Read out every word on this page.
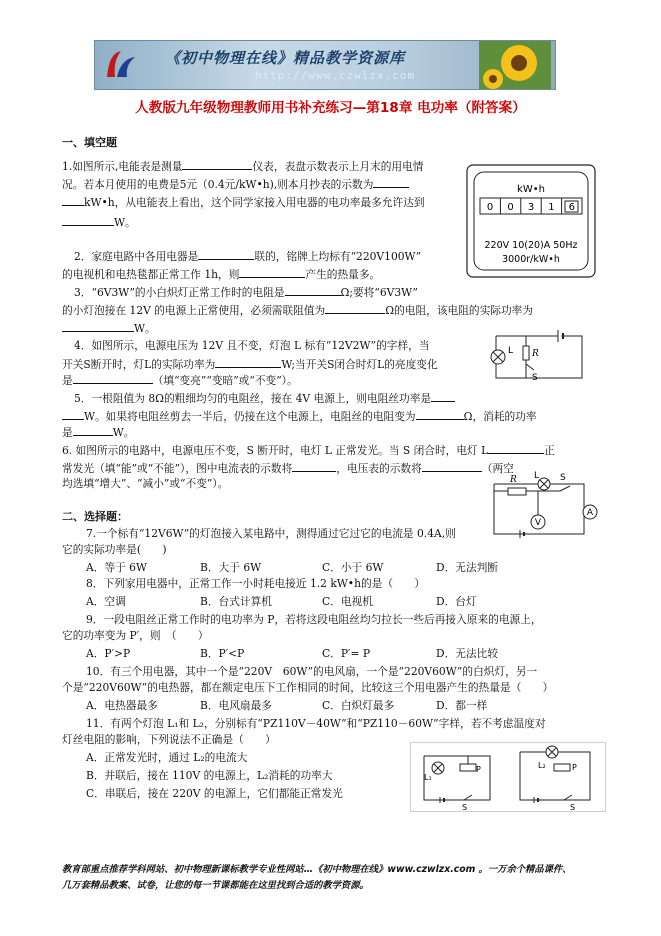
《初中物理在线》精品教学资源库
http://www.czwlzx.com
人教版九年级物理教师用书补充练习—第18章 电功率（附答案）
一、填空题
1.如图所示,电能表是测量	仪表，表盘示数表示上月末的用电情
况。若本月使用的电费是5元（0.4元/kW•h),则本月抄表的示数为
kW•h，从电能表上看出，这个同学家接入用电器的电功率最多允许达到
W。
kW•h
0 0 3 1 6
220V 10(20)A 50Hz
3000r/kW•h
2．家庭电路中各用电器是	联的，铭牌上均标有“220V100W”
的电视机和电热毯都正常工作 1h，则	产生的热量多。
3．“6V3W”的小白炽灯正常工作时的电阻是	Ω;要将“6V3W”
的小灯泡接在 12V 的电源上正常使用，必须需联阻值为	Ω的电阻，该电阻的实际功率为
W。
4．如图所示，电源电压为 12V 且不变，灯泡 L 标有“12V2W”的字样，当
开关S断开时，灯L的实际功率为	W;当开关S闭合时灯L的亮度变化
是	（填“变亮”“变暗”或“不变”）。
L R
S
5．一根阻值为 8Ω的粗细均匀的电阻丝，接在 4V 电源上，则电阻丝功率是
W。如果将电阻丝剪去一半后，仍接在这个电源上，电阻丝的电阻变为	Ω，消耗的功率
是	W。
6. 如图所示的电路中，电源电压不变，S 断开时，电灯 L 正常发光。当 S 闭合时，电灯 L	正
常发光（填“能”或“不能”），图中电流表的示数将	，电压表的示数将	（两空
均选填“增大”、“减小”或“不变”）。	R L S
V
A
二、选择题：
7.一个标有“12V6W”的灯泡接入某电路中，测得通过它过它的电流是 0.4A,则
它的实际功率是(　　)
A．等于 6W	B．大于 6W	C．小于 6W	D．无法判断
8．下列家用电器中，正常工作一小时耗电接近 1.2 kW•h的是（　　）
A．空调	B．台式计算机	C．电视机	D．台灯
9．一段电阻丝正常工作时的电功率为 P，若将这段电阻丝均匀拉长一些后再接入原来的电源上，
它的功率变为 P′，则　（　　）
A．P′>P	B．P′<P	C．P′= P	D．无法比较
10．有三个用电器，其中一个是“220V　60W”的电风扇，一个是“220V60W”的白炽灯，另一
个是“220V60W”的电热器，都在额定电压下工作相同的时间，比较这三个用电器产生的热量是（　　）
A．电热器最多	B．电风扇最多	C．白炽灯最多	D．都一样
11．有两个灯泡 L₁和 L₂，分别标有“PZ110V－40W”和“PZ110－60W”字样，若不考虑温度对
灯丝电阻的影响，下列说法不正确是（　　）
A．正常发光时，通过 L₂的电流大
B．并联后，接在 110V 的电源上，L₂消耗的功率大
C．串联后，接在 220V 的电源上，它们都能正常发光
L₁
P
S
L₂	P
S
教育部重点推荐学科网站、初中物理新课标教学专业性网站…《初中物理在线》www.czwlzx.com 。一万余个精品课件、
几万套精品教案、试卷，让您的每一节课都能在这里找到合适的教学资源。
